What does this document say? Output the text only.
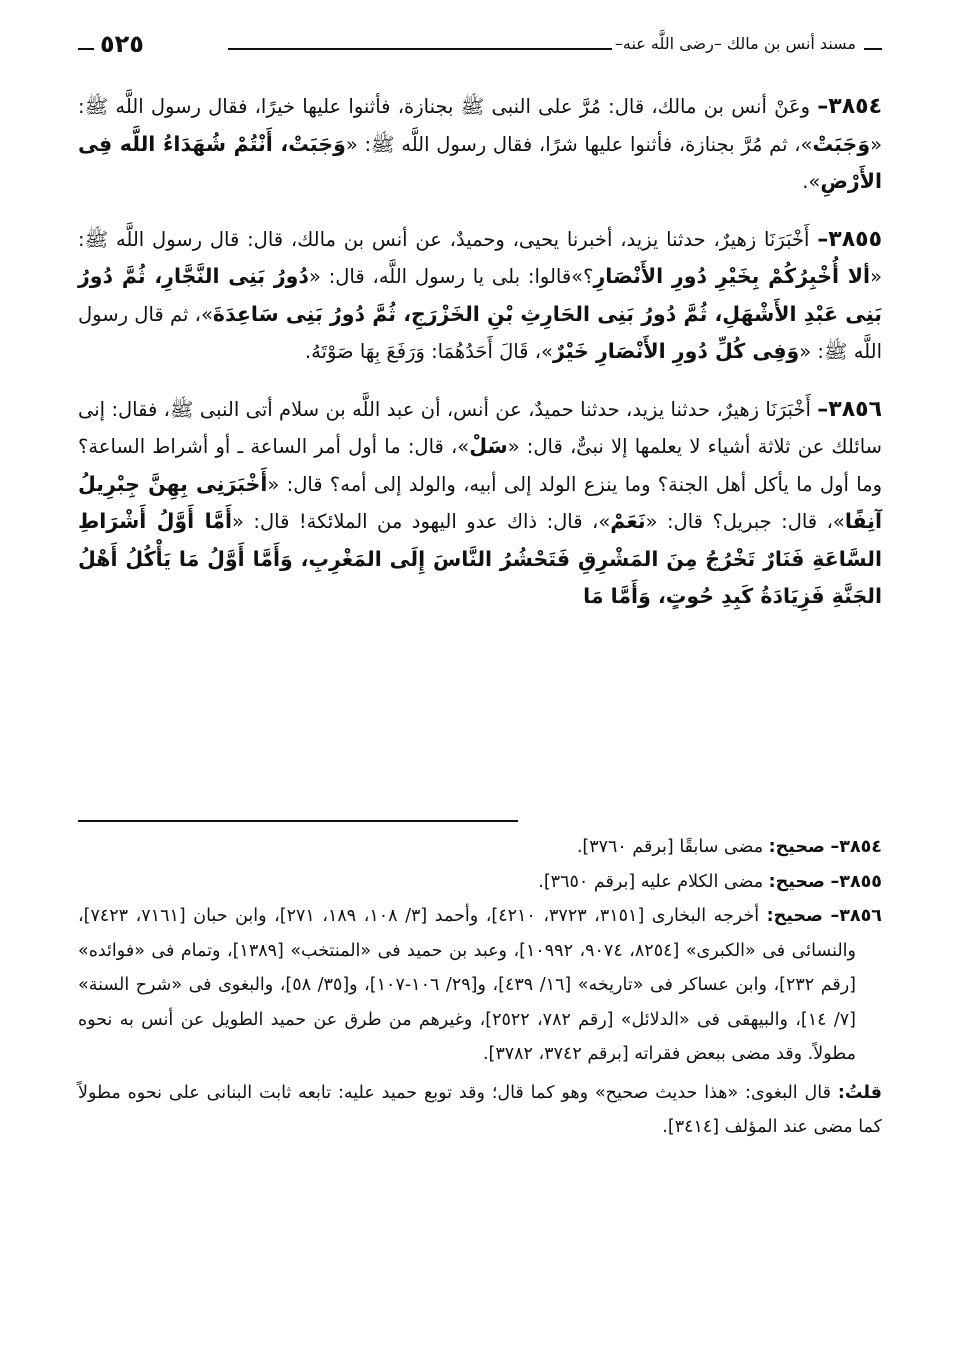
مسند أنس بن مالك –رضى اللَّه عنه–
٥٢٥

٣٨٥٤– وعَنْ أنس بن مالك، قال: مُرَّ على النبى ﷺ بجنازة، فأثنوا عليها خيرًا، فقال رسول اللَّه ﷺ: «وَجَبَتْ»، ثم مُرَّ بجنازة، فأثنوا عليها شرًا، فقال رسول اللَّه ﷺ: «وَجَبَتْ، أَنْتُمْ شُهَدَاءُ اللَّه فِى الأَرْضِ».

٣٨٥٥– أَخْبَرَنَا زهيرٌ، حدثنا يزيد، أخبرنا يحيى، وحميدٌ، عن أنس بن مالك، قال: قال رسول اللَّه ﷺ: «ألا أُخْبِرُكُمْ بِخَيْرِ دُورِ الأَنْصَارِ؟»قالوا: بلى يا رسول اللَّه، قال: «دُورُ بَنِى النَّجَّارِ، ثُمَّ دُورُ بَنِى عَبْدِ الأَشْهَلِ، ثُمَّ دُورُ بَنِى الحَارِثِ بْنِ الخَزْرَجِ، ثُمَّ دُورُ بَنِى سَاعِدَةَ»، ثم قال رسول اللَّه ﷺ: «وَفِى كُلِّ دُورِ الأَنْصَارِ خَيْرٌ»، قَالَ أَحَدُهُمَا: وَرَفَعَ بِهَا صَوْتَهُ.

٣٨٥٦– أَخْبَرَنَا زهيرٌ، حدثنا يزيد، حدثنا حميدٌ، عن أنس، أن عبد اللَّه بن سلام أتى النبى ﷺ، فقال: إنى سائلك عن ثلاثة أشياء لا يعلمها إلا نبىٌّ، قال: «سَلْ»، قال: ما أول أمر الساعة ـ أو أشراط الساعة؟ وما أول ما يأكل أهل الجنة؟ وما ينزع الولد إلى أبيه، والولد إلى أمه؟ قال: «أَخْبَرَنِى بِهِنَّ جِبْرِيلُ آنِفًا»، قال: جبريل؟ قال: «نَعَمْ»، قال: ذاك عدو اليهود من الملائكة! قال: «أَمَّا أَوَّلُ أَشْرَاطِ السَّاعَةِ فَنَارٌ تَخْرُجُ مِنَ المَشْرِقِ فَتَحْشُرُ النَّاسَ إِلَى المَغْرِبِ، وَأَمَّا أَوَّلُ مَا يَأْكُلُ أَهْلُ الجَنَّةِ فَزِيَادَةُ كَبِدِ حُوتٍ، وَأَمَّا مَا

٣٨٥٤– صحيح: مضى سابقًا [برقم ٣٧٦٠].

٣٨٥٥– صحيح: مضى الكلام عليه [برقم ٣٦٥٠].

٣٨٥٦– صحيح: أخرجه البخارى [٣١٥١، ٣٧٢٣، ٤٢١٠]، وأحمد [٣/ ١٠٨، ١٨٩، ٢٧١]، وابن حبان [٧١٦١، ٧٤٢٣]، والنسائى فى «الكبرى» [٨٢٥٤، ٩٠٧٤، ١٠٩٩٢]، وعبد بن حميد فى «المنتخب» [١٣٨٩]، وتمام فى «فوائده» [رقم ٢٣٢]، وابن عساكر فى «تاريخه» [١٦/ ٤٣٩]، و[٢٩/ ١٠٦-١٠٧]، و[٣٥/ ٥٨]، والبغوى فى «شرح السنة» [٧/ ١٤]، والبيهقى فى «الدلائل» [رقم ٧٨٢، ٢٥٢٢]، وغيرهم من طرق عن حميد الطويل عن أنس به نحوه مطولاً. وقد مضى ببعض فقراته [برقم ٣٧٤٢، ٣٧٨٢].

قلتُ: قال البغوى: «هذا حديث صحيح» وهو كما قال؛ وقد توبع حميد عليه: تابعه ثابت البنانى على نحوه مطولاً كما مضى عند المؤلف [٣٤١٤].
